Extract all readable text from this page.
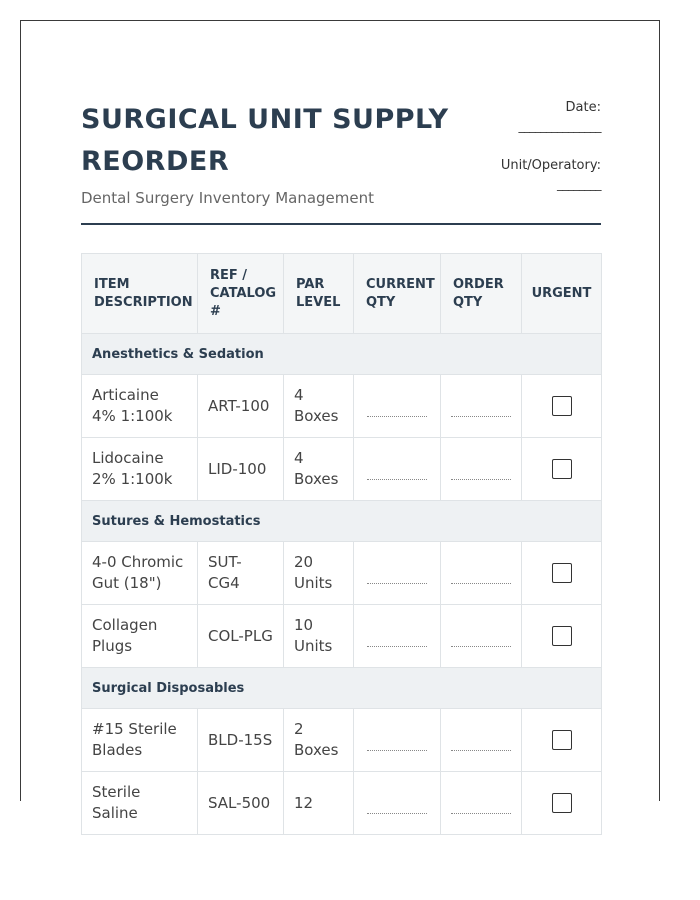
SURGICAL UNIT SUPPLY REORDER
Dental Surgery Inventory Management
Date:
_______________
Unit/Operatory:
________
ITEM DESCRIPTION	REF / CATALOG #	PAR LEVEL	CURRENT QTY	ORDER QTY	URGENT
Anesthetics & Sedation					
Articaine 4% 1:100k	ART-100	4 Boxes	

Lidocaine 2% 1:100k	LID-100	4 Boxes	

Sutures & Hemostatics					
4-0 Chromic Gut (18")	SUT-CG4	20 Units	

Collagen Plugs	COL-PLG	10 Units	

Surgical Disposables					
#15 Sterile Blades	BLD-15S	2 Boxes	

Sterile Saline	SAL-500	12	
